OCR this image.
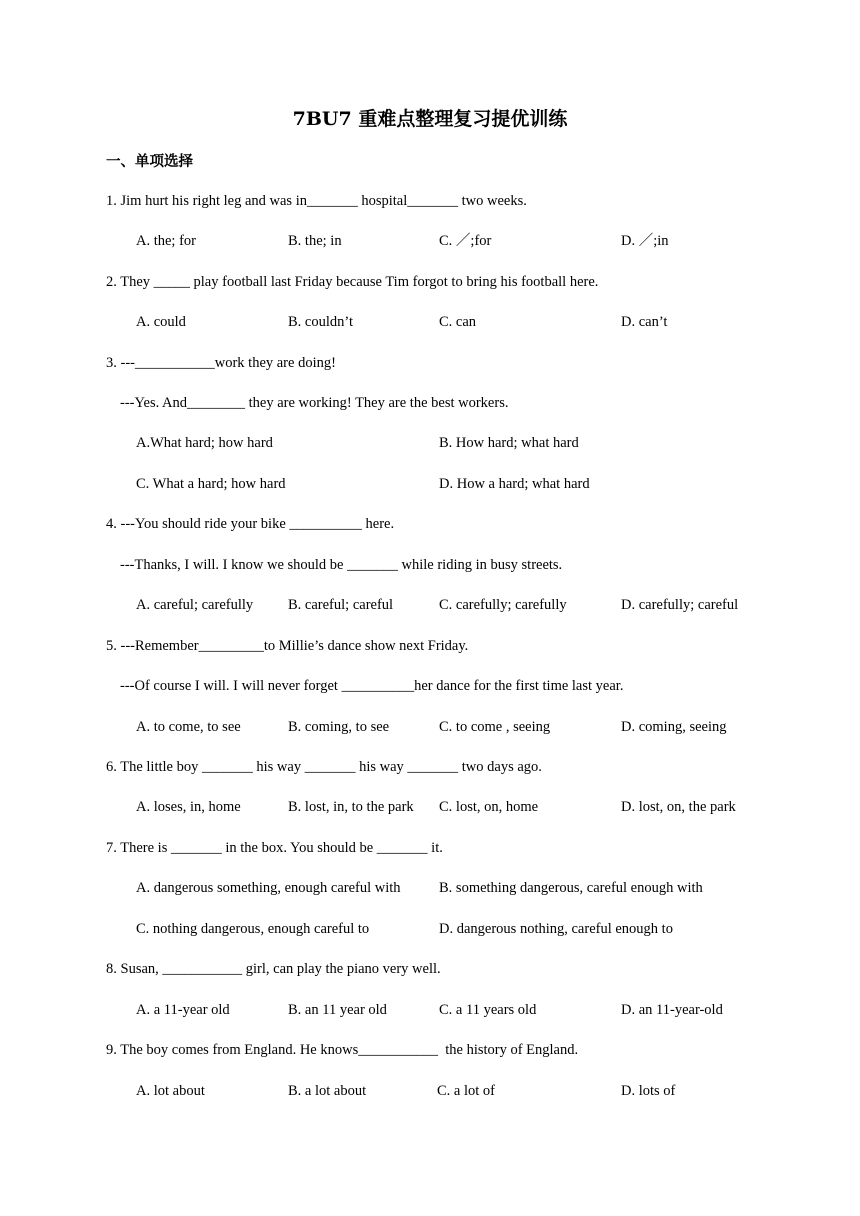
7BU7 重难点整理复习提优训练
一、单项选择
1. Jim hurt his right leg and was in_______ hospital_______ two weeks.
A. the; for	B. the; in	C. ／;for	D. ／;in
2. They _____ play football last Friday because Tim forgot to bring his football here.
A. could	B. couldn’t	C. can	D. can’t
3. ---___________work they are doing!
---Yes. And________ they are working! They are the best workers.
A.What hard; how hard	B. How hard; what hard
C. What a hard; how hard	D. How a hard; what hard
4. ---You should ride your bike __________ here.
---Thanks, I will. I know we should be _______ while riding in busy streets.
A. careful; carefully B. careful; careful	C. carefully; carefully	D. carefully; careful
5. ---Remember_________to Millie’s dance show next Friday.
---Of course I will. I will never forget __________her dance for the first time last year.
A. to come, to see	B. coming, to see	C. to come , seeing	D. coming, seeing
6. The little boy _______ his way _______ his way _______ two days ago.
A. loses, in, home	B. lost, in, to the park C. lost, on, home	D. lost, on, the park
7. There is _______ in the box. You should be _______ it.
A. dangerous something, enough careful with	B. something dangerous, careful enough with
C. nothing dangerous, enough careful to	D. dangerous nothing, careful enough to
8. Susan, ___________ girl, can play the piano very well.
A. a 11-year old	B. an 11 year old	C. a 11 years old	D. an 11-year-old
9. The boy comes from England. He knows___________  the history of England.
A. lot about	B. a lot about	C. a lot of	D. lots of
